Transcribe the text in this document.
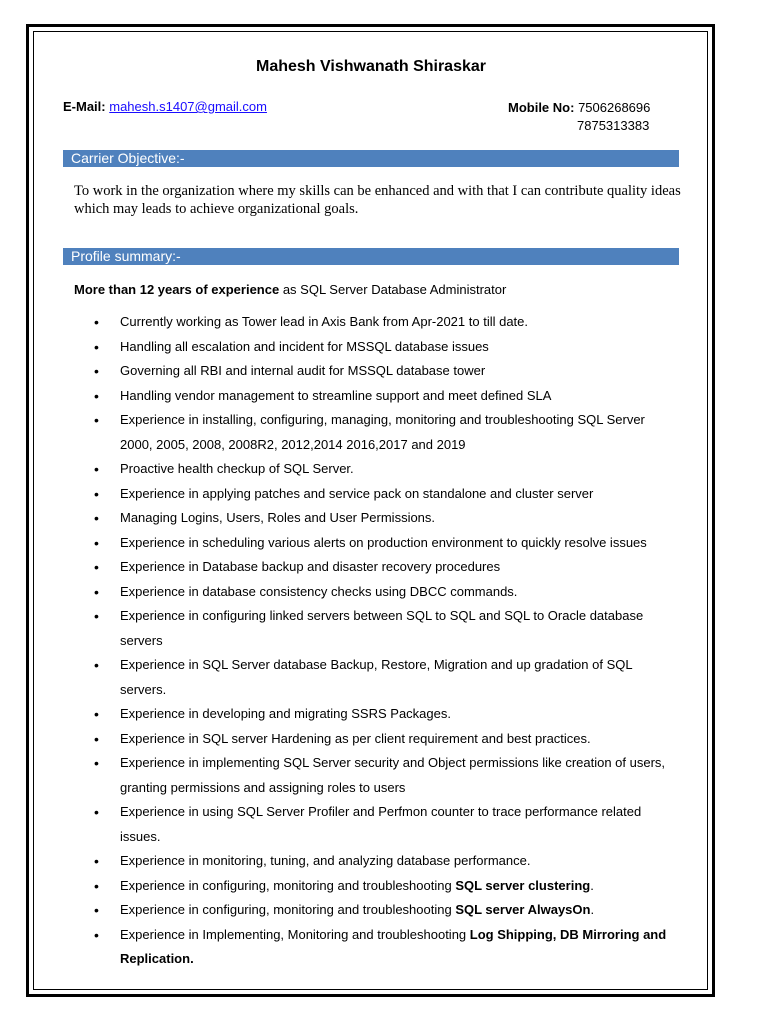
Mahesh Vishwanath Shiraskar
E-Mail: mahesh.s1407@gmail.com	Mobile No: 7506268696
7875313383
Carrier Objective:-
To work in the organization where my skills can be enhanced and with that I can contribute quality ideas which may leads to achieve organizational goals.
Profile summary:-
More than 12 years of experience as SQL Server Database Administrator
• Currently working as Tower lead in Axis Bank from Apr-2021 to till date.
• Handling all escalation and incident for MSSQL database issues
• Governing all RBI and internal audit for MSSQL database tower
• Handling vendor management to streamline support and meet defined SLA
• Experience in installing, configuring, managing, monitoring and troubleshooting SQL Server 2000, 2005, 2008, 2008R2, 2012,2014 2016,2017 and 2019
• Proactive health checkup of SQL Server.
• Experience in applying patches and service pack on standalone and cluster server
• Managing Logins, Users, Roles and User Permissions.
• Experience in scheduling various alerts on production environment to quickly resolve issues
• Experience in Database backup and disaster recovery procedures
• Experience in database consistency checks using DBCC commands.
• Experience in configuring linked servers between SQL to SQL and SQL to Oracle database servers
• Experience in SQL Server database Backup, Restore, Migration and up gradation of SQL servers.
• Experience in developing and migrating SSRS Packages.
• Experience in SQL server Hardening as per client requirement and best practices.
• Experience in implementing SQL Server security and Object permissions like creation of users, granting permissions and assigning roles to users
• Experience in using SQL Server Profiler and Perfmon counter to trace performance related issues.
• Experience in monitoring, tuning, and analyzing database performance.
• Experience in configuring, monitoring and troubleshooting SQL server clustering.
• Experience in configuring, monitoring and troubleshooting SQL server AlwaysOn.
• Experience in Implementing, Monitoring and troubleshooting Log Shipping, DB Mirroring and Replication.
